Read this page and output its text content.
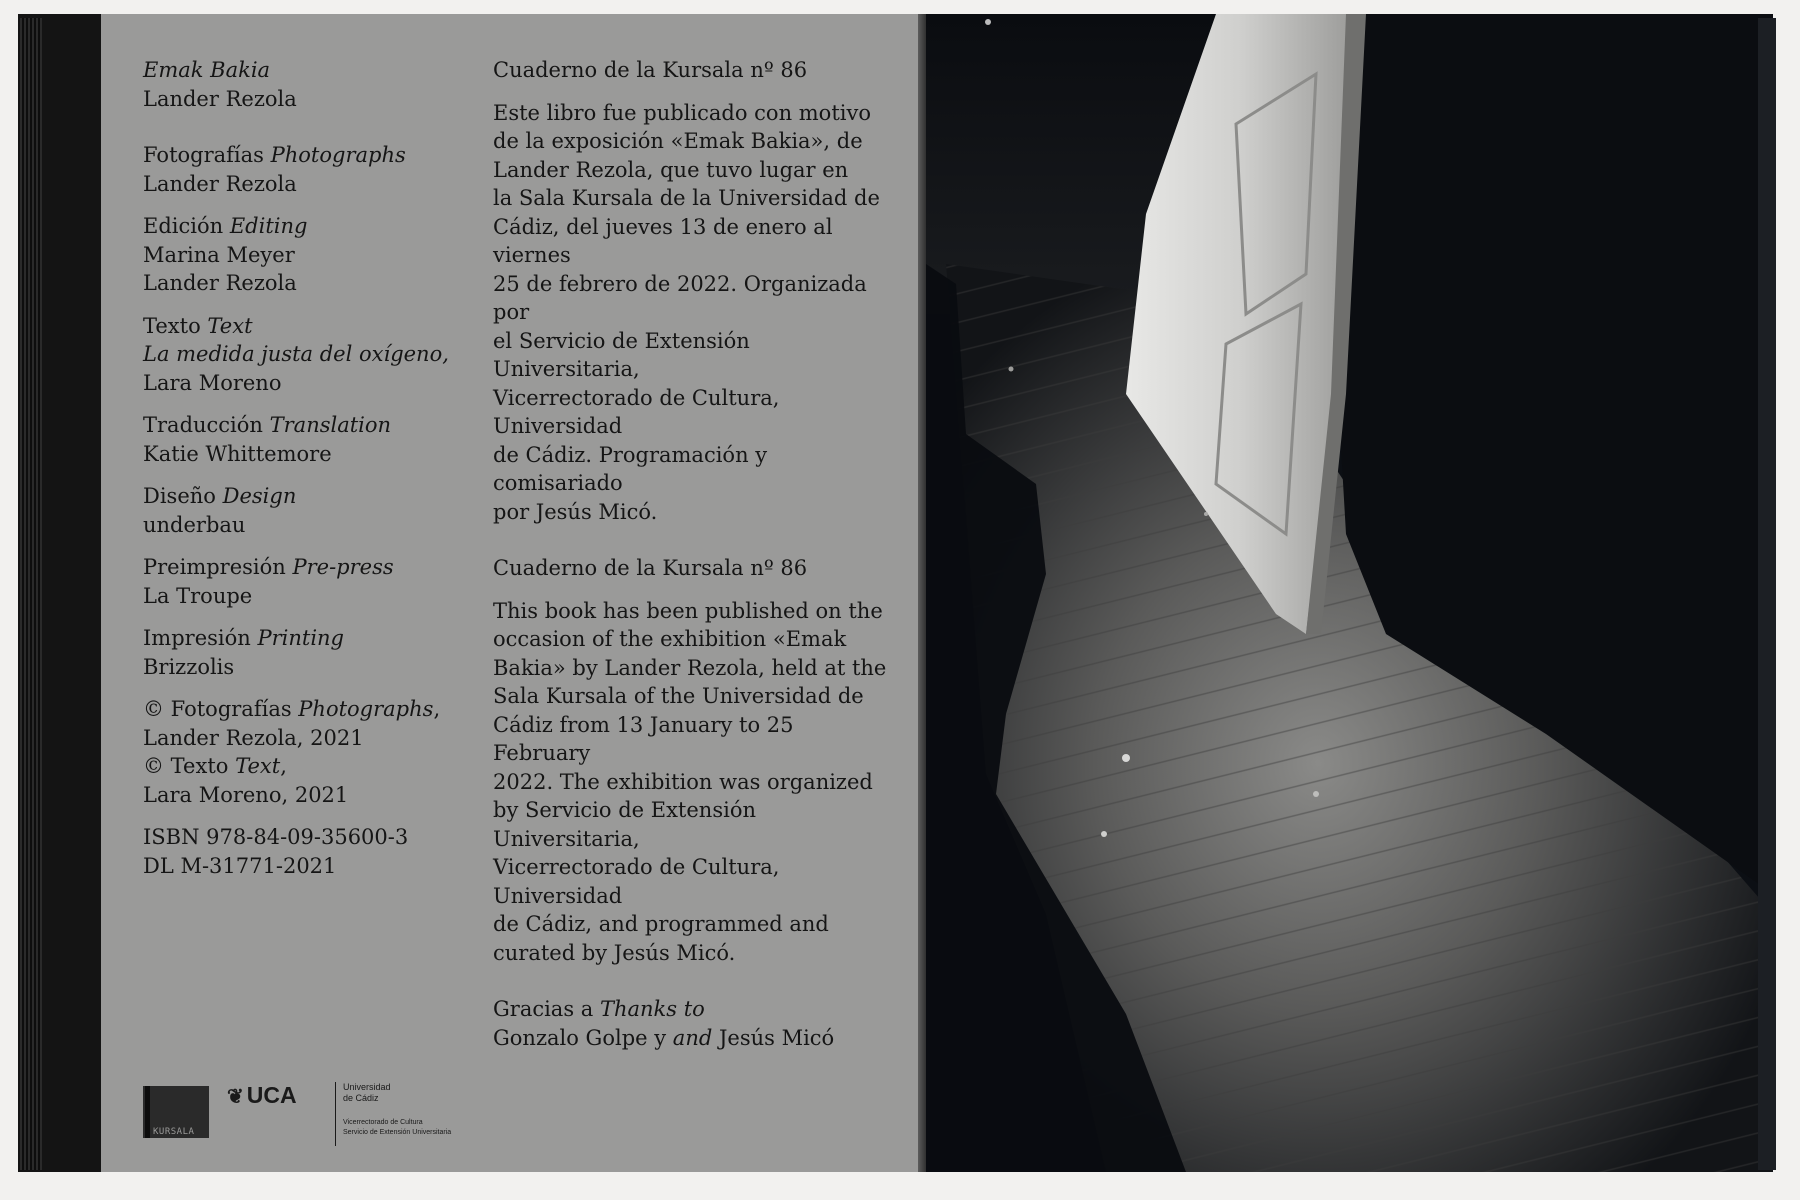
Emak Bakia

Lander Rezola

Fotografías Photographs

Lander Rezola

Edición Editing

Marina Meyer

Lander Rezola

Texto Text

La medida justa del oxígeno,

Lara Moreno

Traducción Translation

Katie Whittemore

Diseño Design

underbau

Preimpresión Pre-press

La Troupe

Impresión Printing

Brizzolis

© Fotografías Photographs,

Lander Rezola, 2021

© Texto Text,

Lara Moreno, 2021

ISBN 978-84-09-35600-3

DL M-31771-2021

Cuaderno de la Kursala nº 86

Este libro fue publicado con motivo

de la exposición «Emak Bakia», de

Lander Rezola, que tuvo lugar en

la Sala Kursala de la Universidad de

Cádiz, del jueves 13 de enero al viernes

25 de febrero de 2022. Organizada por

el Servicio de Extensión Universitaria,

Vicerrectorado de Cultura, Universidad

de Cádiz. Programación y comisariado

por Jesús Micó.

Cuaderno de la Kursala nº 86

This book has been published on the

occasion of the exhibition «Emak

Bakia» by Lander Rezola, held at the

Sala Kursala of the Universidad de

Cádiz from 13 January to 25 February

2022. The exhibition was organized

by Servicio de Extensión Universitaria,

Vicerrectorado de Cultura, Universidad

de Cádiz, and programmed and

curated by Jesús Micó.

Gracias a Thanks to

Gonzalo Golpe y and Jesús Micó

KURSALA
❦ UCA	Universidad
de Cádiz
Vicerrectorado de Cultura
Servicio de Extensión Universitaria
